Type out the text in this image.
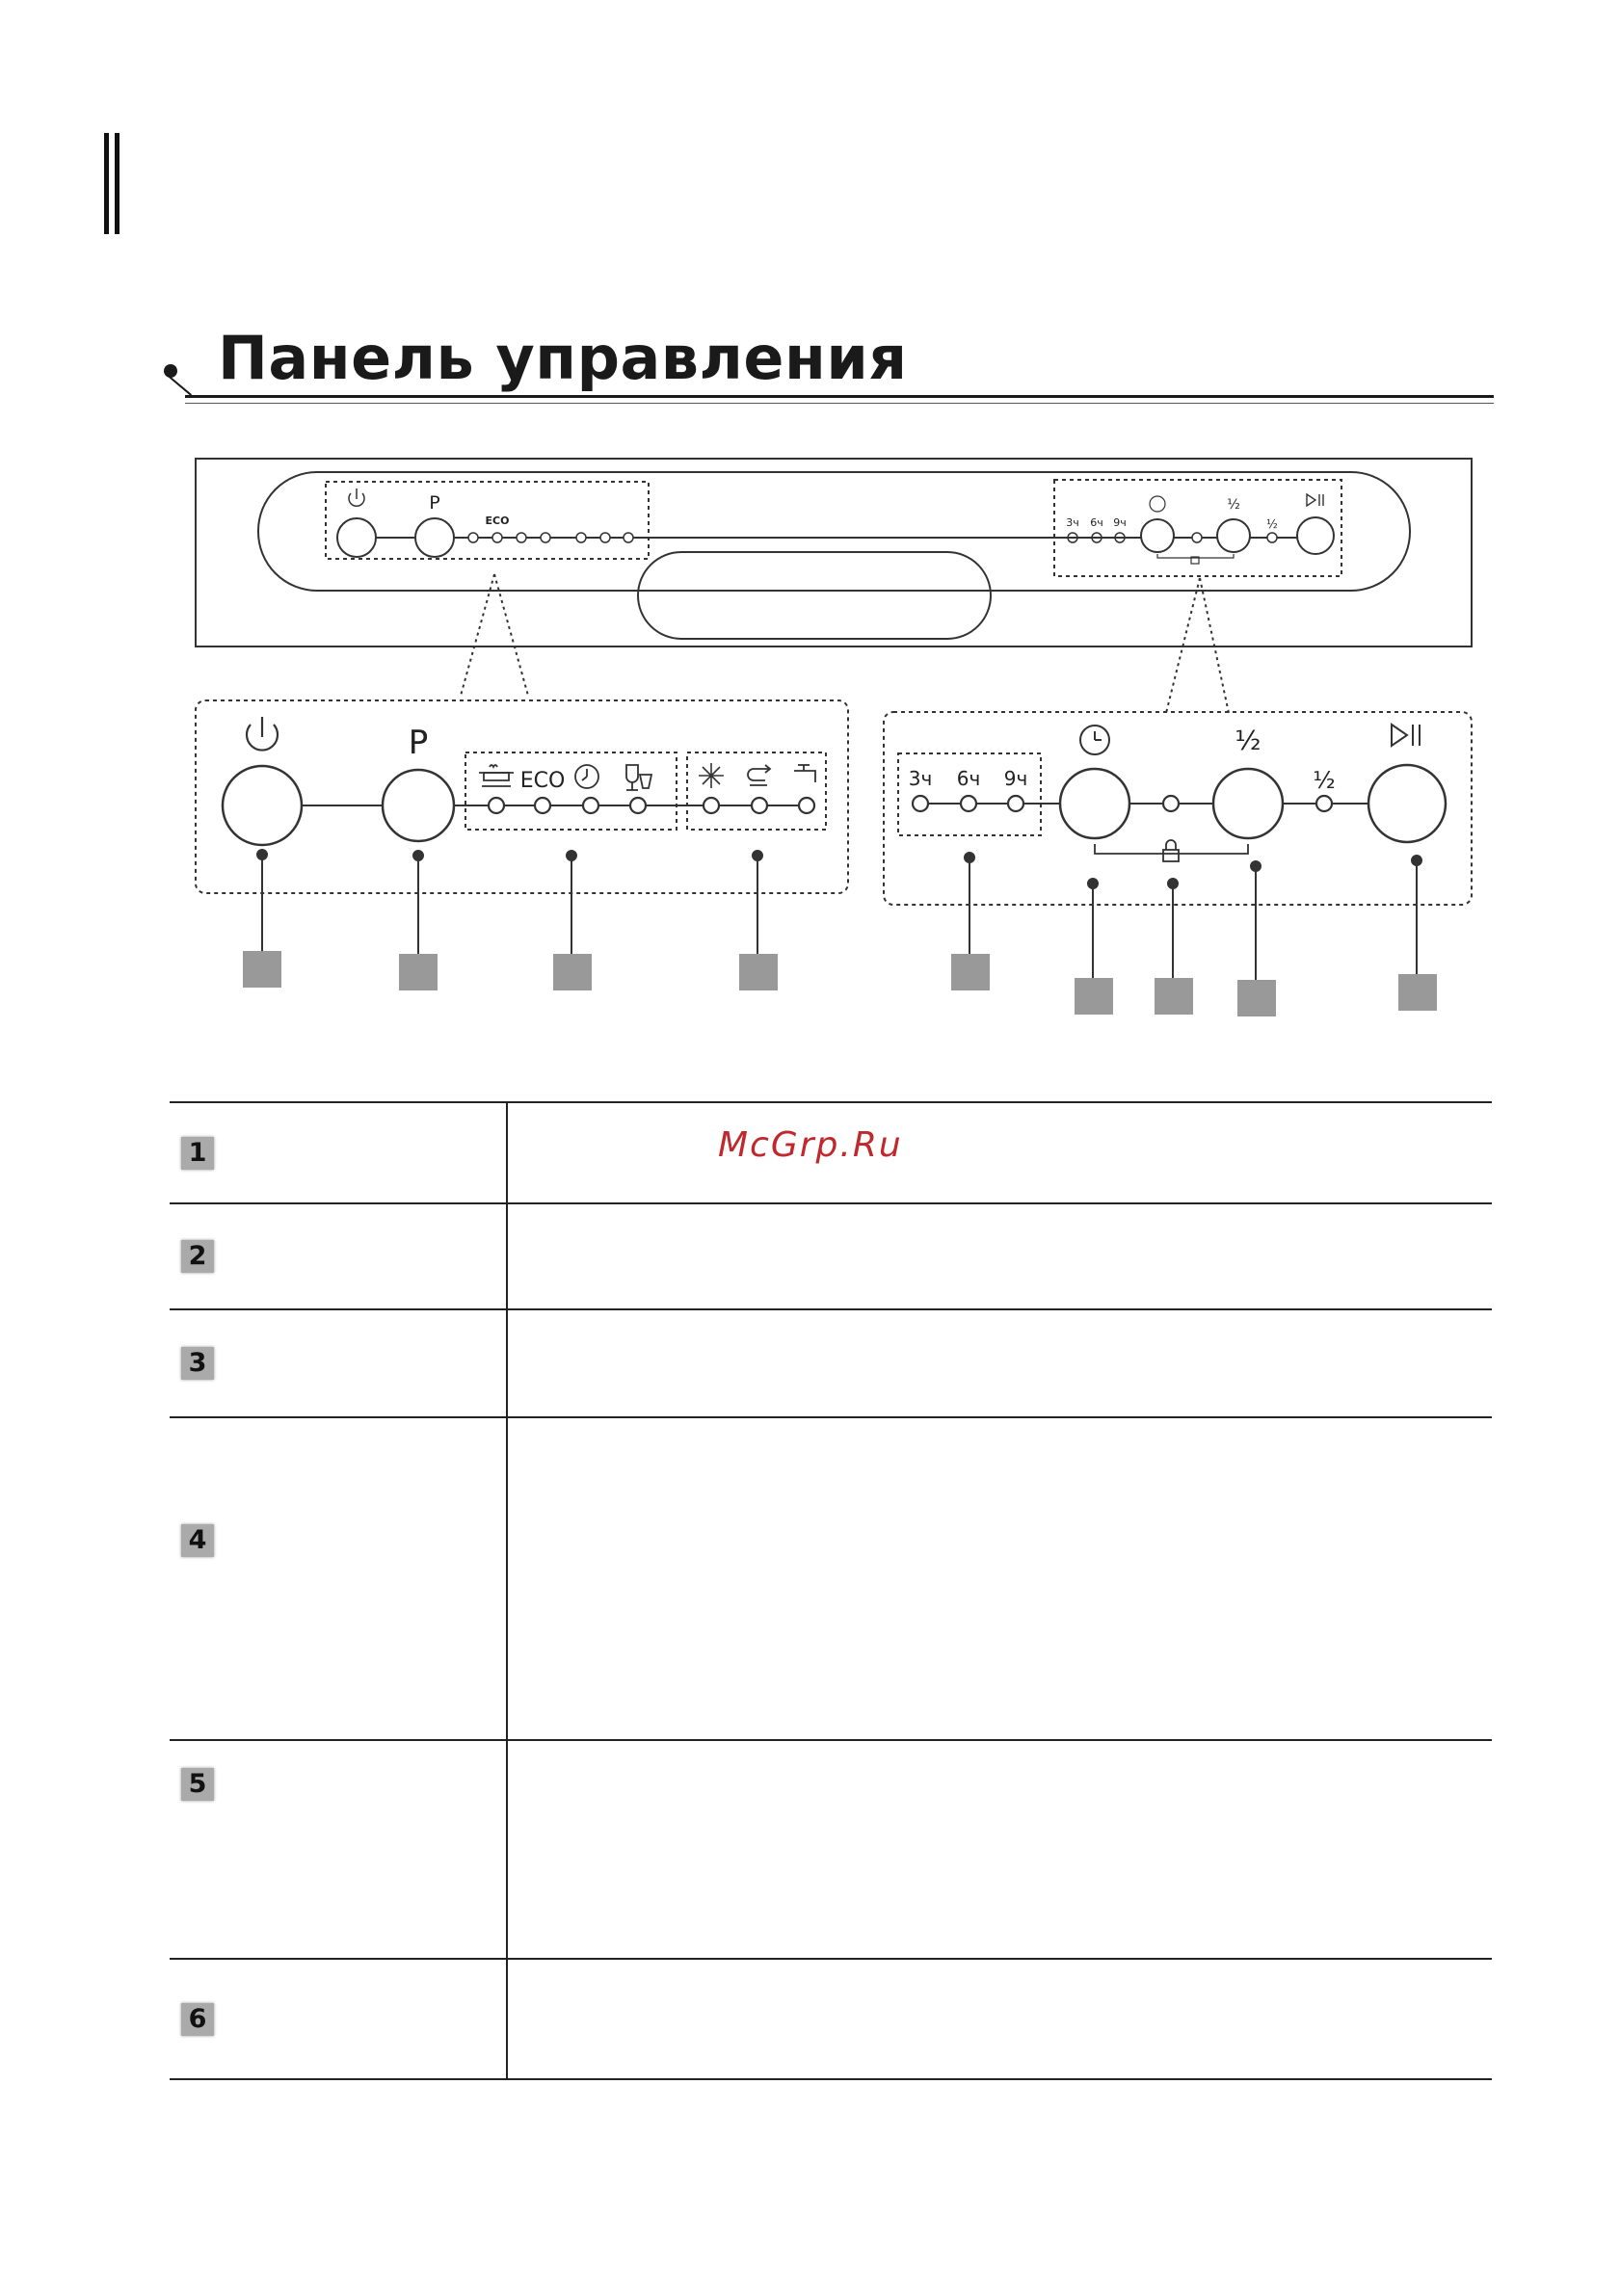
Панель управления
P
ECO	3ч 6ч 9ч
½
½
P
ECO	3ч 6ч 9ч
½
½
1	
2	
3	
4	
5	
6	
McGrp.Ru
